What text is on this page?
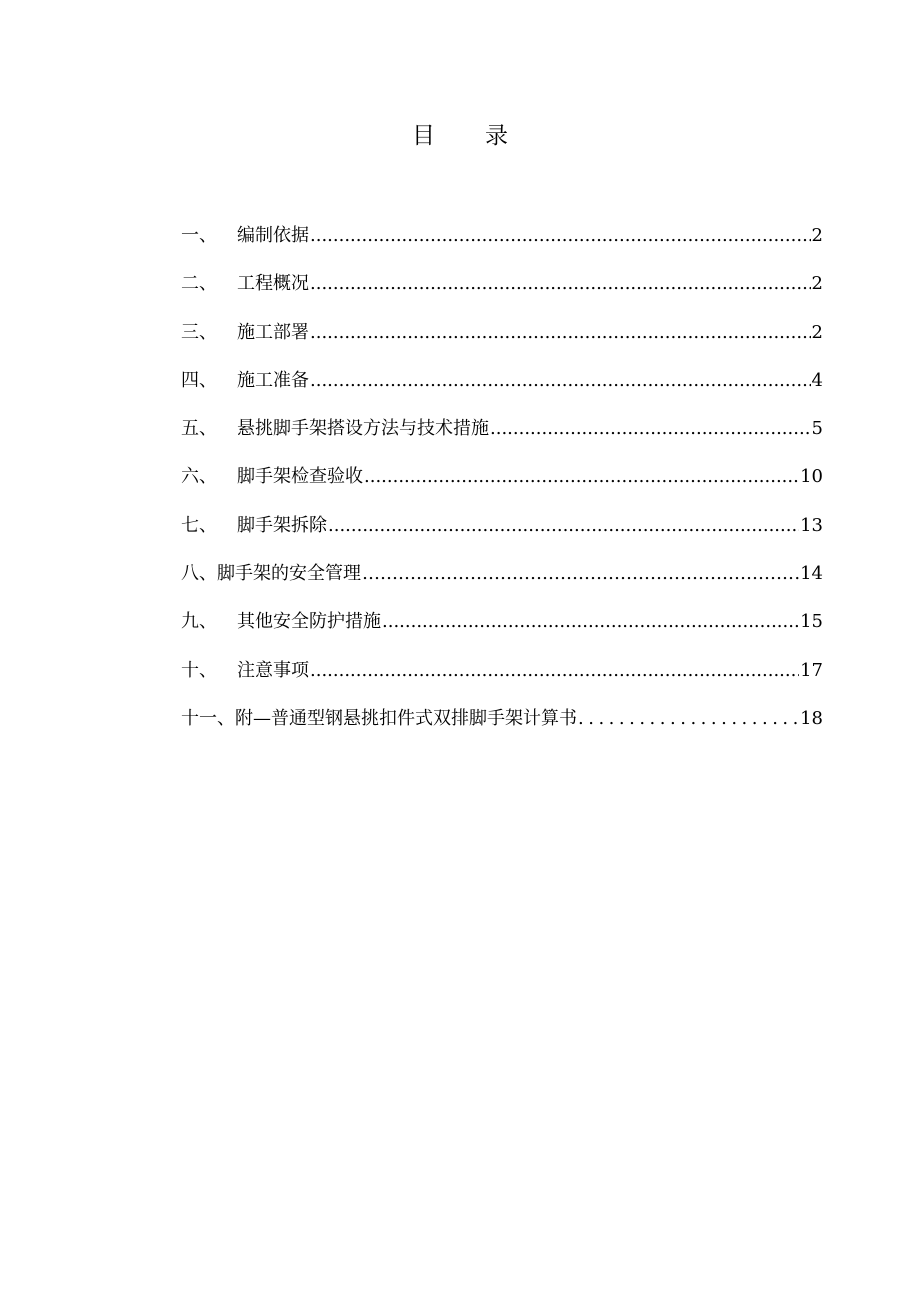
目 录
一、	编制依据 .....	2
二、	工程概况 .....	2
三、	施工部署 .....	2
四、	施工准备 .....	4
五、	悬挑脚手架搭设方法与技术措施 .....	5
六、	脚手架检查验收 .....	10
七、	脚手架拆除 .....	13
八、 脚手架的安全管理 …………………………………………………………………………………………………………	.14
九、	其他安全防护措施 .....	15
十、	注意事项 .....	17
十一、 附—普通型钢悬挑扣件式双排脚手架计算书 .....	18
